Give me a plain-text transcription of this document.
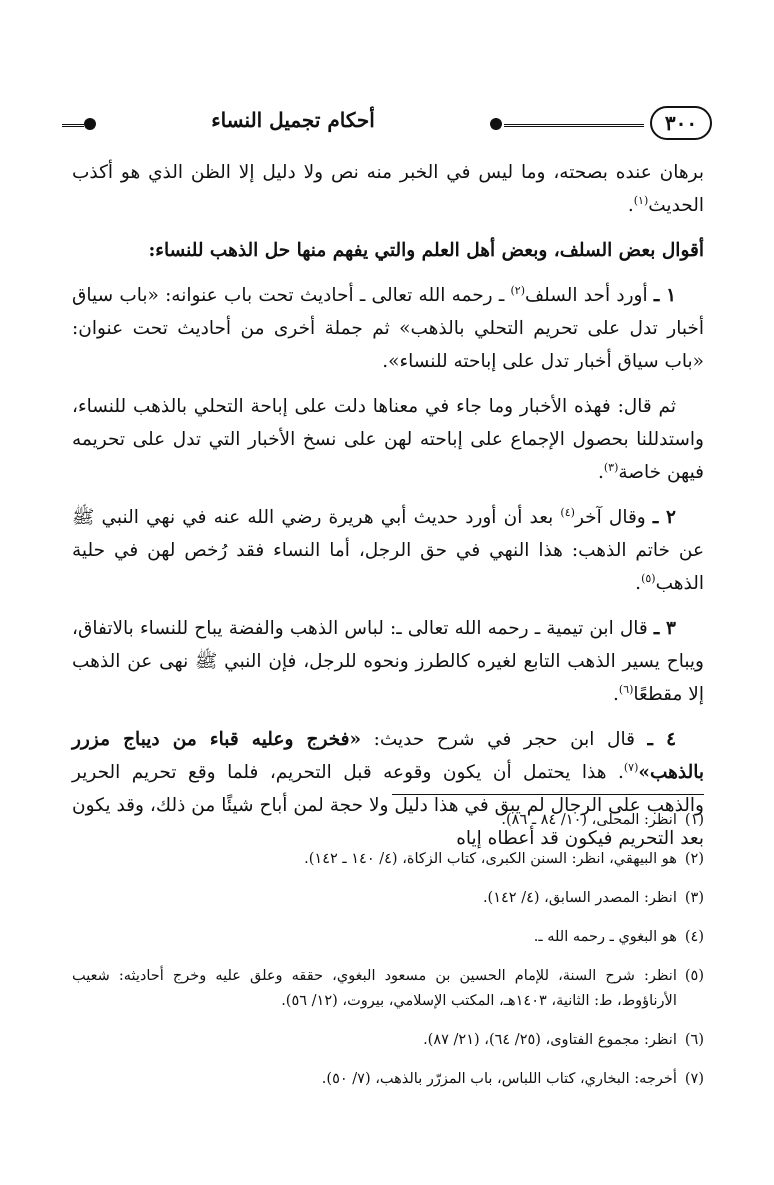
٣٠٠
أحكام تجميل النساء

برهان عنده بصحته، وما ليس في الخبر منه نص ولا دليل إلا الظن الذي هو أكذب الحديث$^{(١)}$.

أقوال بعض السلف، وبعض أهل العلم والتي يفهم منها حل الذهب للنساء:

١ ـ أورد أحد السلف$^{(٢)}$ ـ رحمه الله تعالى ـ أحاديث تحت باب عنوانه: «باب سياق أخبار تدل على تحريم التحلي بالذهب» ثم جملة أخرى من أحاديث تحت عنوان: «باب سياق أخبار تدل على إباحته للنساء».

ثم قال: فهذه الأخبار وما جاء في معناها دلت على إباحة التحلي بالذهب للنساء، واستدللنا بحصول الإجماع على إباحته لهن على نسخ الأخبار التي تدل على تحريمه فيهن خاصة$^{(٣)}$.

٢ ـ وقال آخر$^{(٤)}$ بعد أن أورد حديث أبي هريرة رضي الله عنه في نهي النبي ﷺ عن خاتم الذهب: هذا النهي في حق الرجل، أما النساء فقد رُخص لهن في حلية الذهب$^{(٥)}$.

٣ ـ قال ابن تيمية ـ رحمه الله تعالى ـ: لباس الذهب والفضة يباح للنساء بالاتفاق، ويباح يسير الذهب التابع لغيره كالطرز ونحوه للرجل، فإن النبي ﷺ نهى عن الذهب إلا مقطعًا$^{(٦)}$.

٤ ـ قال ابن حجر في شرح حديث: «فخرج وعليه قباء من ديباج مزرر بالذهب»$^{(٧)}$. هذا يحتمل أن يكون وقوعه قبل التحريم، فلما وقع تحريم الحرير والذهب على الرجال لم يبق في هذا دليل ولا حجة لمن أباح شيئًا من ذلك، وقد يكون بعد التحريم فيكون قد أعطاه إياه

(١)
انظر: المحلى، (١٠/ ٨٤ ـ ٨٦).
(٢)
هو البيهقي، انظر: السنن الكبرى، كتاب الزكاة، (٤/ ١٤٠ ـ ١٤٢).
(٣)
انظر: المصدر السابق، (٤/ ١٤٢).
(٤)
هو البغوي ـ رحمه الله ـ.
(٥)
انظر: شرح السنة، للإمام الحسين بن مسعود البغوي، حققه وعلق عليه وخرج أحاديثه: شعيب الأرناؤوط، ط: الثانية، ١٤٠٣هـ، المكتب الإسلامي، بيروت، (١٢/ ٥٦).
(٦)
انظر: مجموع الفتاوى، (٢٥/ ٦٤)، (٢١/ ٨٧).
(٧)
أخرجه: البخاري، كتاب اللباس، باب المزرّر بالذهب، (٧/ ٥٠).
